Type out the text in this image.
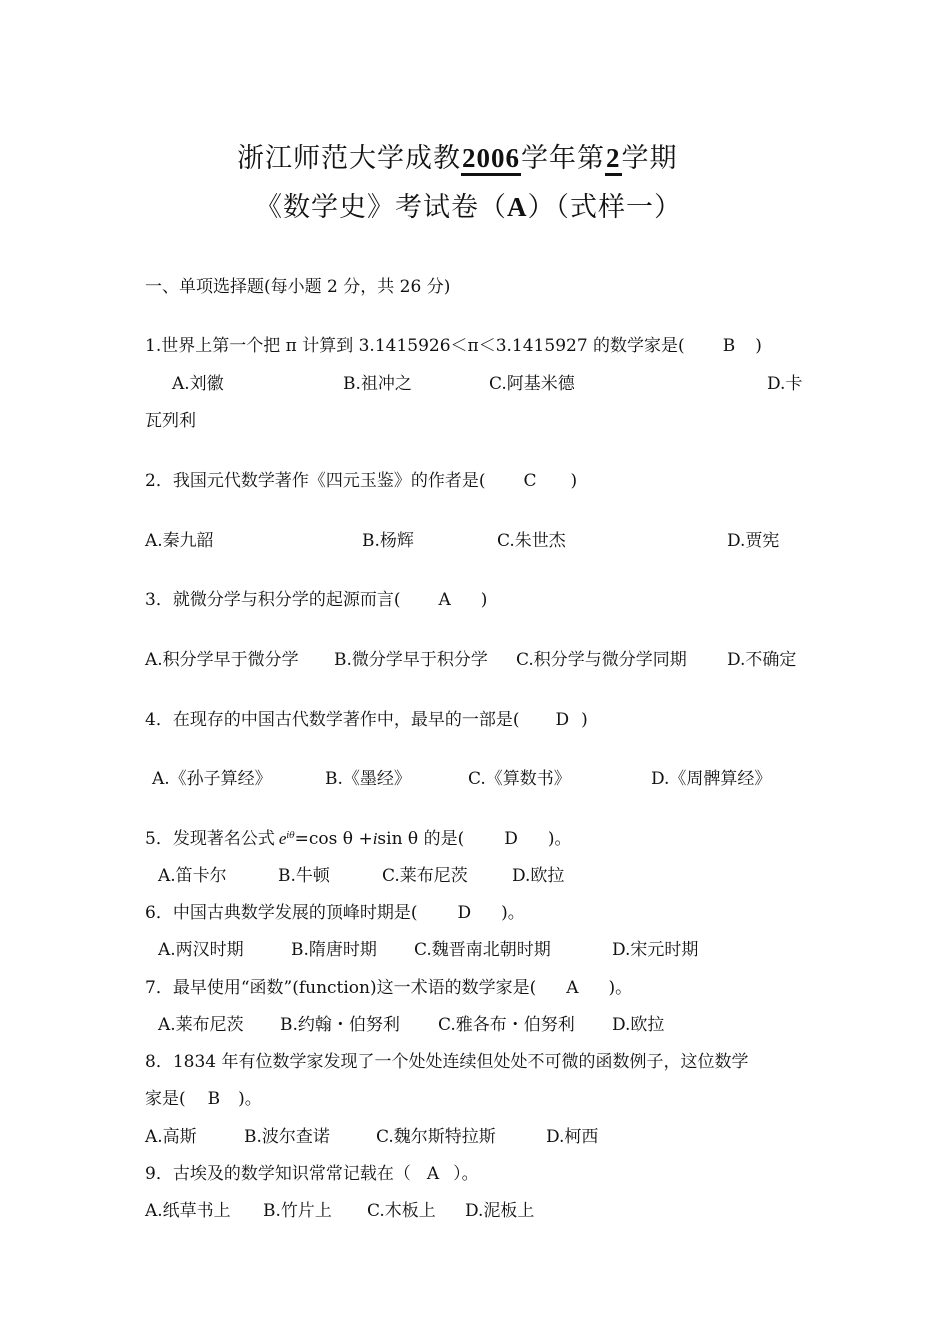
浙江师范大学成教2006学年第2学期
《数学史》考试卷（A）（式样一）
一、单项选择题(每小题 2 分，共 26 分)
1.世界上第一个把 π 计算到 3.1415926＜π＜3.1415927 的数学家是( B )
A.刘徽	B.祖冲之	C.阿基米德	D.卡
瓦列利
2．我国元代数学著作《四元玉鉴》的作者是( C )
A.秦九韶	B.杨辉	C.朱世杰	D.贾宪
3．就微分学与积分学的起源而言( A )
A.积分学早于微分学 B.微分学早于积分学 C.积分学与微分学同期 D.不确定
4．在现存的中国古代数学著作中，最早的一部是( D )
A.《孙子算经》	B.《墨经》	C.《算数书》	D.《周髀算经》
5．发现著名公式 $e^{i\theta}=\cos$ θ +isin θ 的是( D )。
A.笛卡尔	B.牛顿	C.莱布尼茨	D.欧拉
6．中国古典数学发展的顶峰时期是( D )。
A.两汉时期	B.隋唐时期 C.魏晋南北朝时期	D.宋元时期
7．最早使用“函数”(function)这一术语的数学家是( A )。
A.莱布尼茨 B.约翰・伯努利 C.雅各布・伯努利 D.欧拉
8．1834 年有位数学家发现了一个处处连续但处处不可微的函数例子，这位数学
家是( B )。
A.高斯	B.波尔查诺	C.魏尔斯特拉斯	D.柯西
9．古埃及的数学知识常常记载在（ A ）。
A.纸草书上 B.竹片上 C.木板上 D.泥板上
